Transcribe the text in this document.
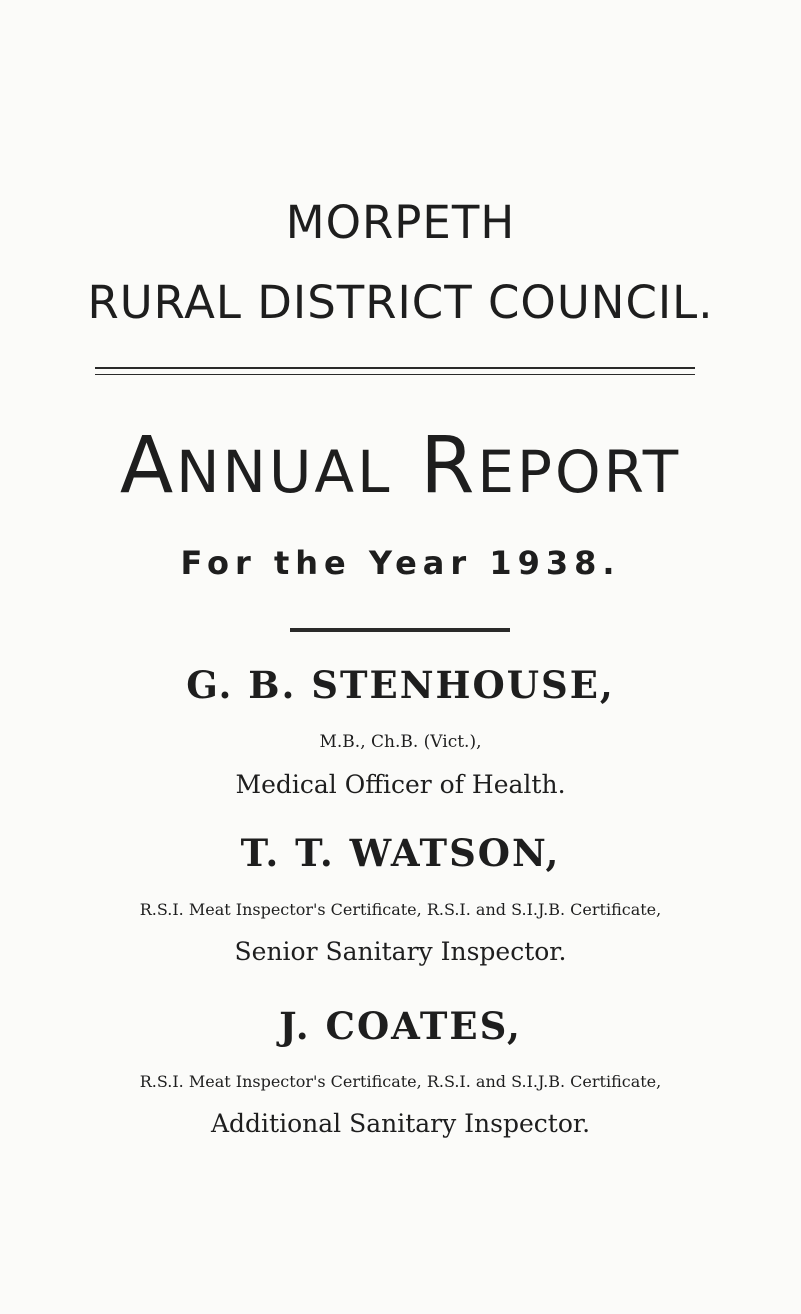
MORPETH
RURAL DISTRICT COUNCIL.
ANNUAL REPORT
For the Year 1938.
G. B. STENHOUSE,
M.B., Ch.B. (Vict.),
Medical Officer of Health.
T. T. WATSON,
R.S.I. Meat Inspector's Certificate, R.S.I. and S.I.J.B. Certificate,
Senior Sanitary Inspector.
J. COATES,
R.S.I. Meat Inspector's Certificate, R.S.I. and S.I.J.B. Certificate,
Additional Sanitary Inspector.
